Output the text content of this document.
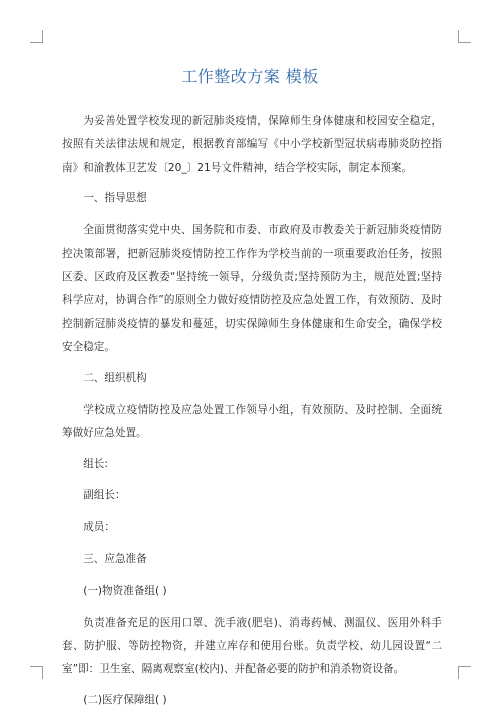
工作整改方案 模板

为妥善处置学校发现的新冠肺炎疫情，保障师生身体健康和校园安全稳定，按照有关法律法规和规定，根据教育部编写《中小学校新型冠状病毒肺炎防控指南》和渝教体卫艺发〔20_〕21号文件精神，结合学校实际，制定本预案。

一、指导思想

全面贯彻落实党中央、国务院和市委、市政府及市教委关于新冠肺炎疫情防控决策部署，把新冠肺炎疫情防控工作作为学校当前的一项重要政治任务，按照区委、区政府及区教委“坚持统一领导，分级负责;坚持预防为主，规范处置;坚持科学应对，协调合作”的原则全力做好疫情防控及应急处置工作，有效预防、及时控制新冠肺炎疫情的暴发和蔓延，切实保障师生身体健康和生命安全，确保学校安全稳定。

二、组织机构

学校成立疫情防控及应急处置工作领导小组，有效预防、及时控制、全面统筹做好应急处置。

组长:

副组长：

成员：

三、应急准备

(一)物资准备组( )

负责准备充足的医用口罩、洗手液(肥皂)、消毒药械、测温仪、医用外科手套、防护服、等防控物资，并建立库存和使用台账。负责学校、幼儿园设置“二室”即：卫生室、隔离观察室(校内)、并配备必要的防护和消杀物资设备。

(二)医疗保障组( )
